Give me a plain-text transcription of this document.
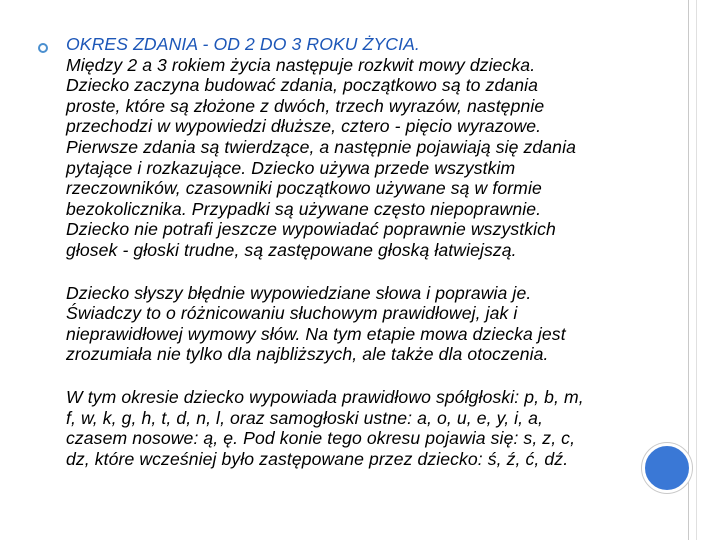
OKRES ZDANIA - OD 2 DO 3 ROKU ŻYCIA.
Między 2 a 3 rokiem życia następuje rozkwit mowy dziecka.
Dziecko zaczyna budować zdania, początkowo są to zdania
proste, które są złożone z dwóch, trzech wyrazów, następnie
przechodzi w wypowiedzi dłuższe, cztero - pięcio wyrazowe.
Pierwsze zdania są twierdzące, a następnie pojawiają się zdania
pytające i rozkazujące. Dziecko używa przede wszystkim
rzeczowników, czasowniki początkowo używane są w formie
bezokolicznika. Przypadki są używane często niepoprawnie.
Dziecko nie potrafi jeszcze wypowiadać poprawnie wszystkich
głosek - głoski trudne, są zastępowane głoską łatwiejszą.
Dziecko słyszy błędnie wypowiedziane słowa i poprawia je.
Świadczy to o różnicowaniu słuchowym prawidłowej, jak i
nieprawidłowej wymowy słów. Na tym etapie mowa dziecka jest
zrozumiała nie tylko dla najbliższych, ale także dla otoczenia.
W tym okresie dziecko wypowiada prawidłowo spółgłoski: p, b, m,
f, w, k, g, h, t, d, n, l, oraz samogłoski ustne: a, o, u, e, y, i, a,
czasem nosowe: ą, ę. Pod konie tego okresu pojawia się: s, z, c,
dz, które wcześniej było zastępowane przez dziecko: ś, ź, ć, dź.
